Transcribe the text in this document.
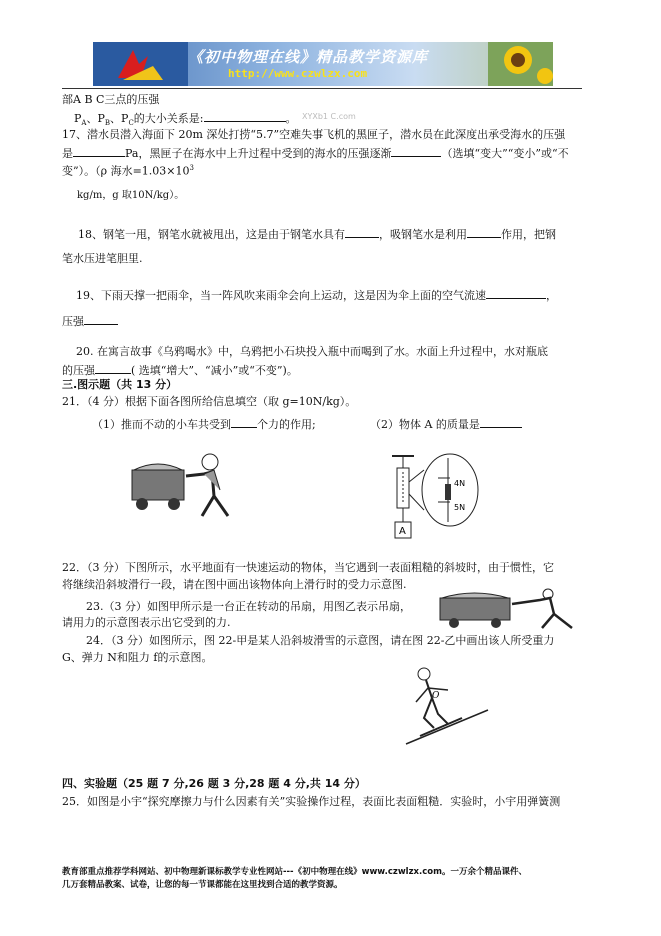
《初中物理在线》精品教学资源库
http://www.czwlzx.com
部A B C三点的压强
$P_A$、$P_B$、$P_C$的大小关系是:	。 XYXb1 C.com
17、潜水员潜入海面下 20m 深处打捞“5.7”空难失事飞机的黑匣子，潜水员在此深度出承受海水的压强
是	Pa，黑匣子在海水中上升过程中受到的海水的压强逐渐	（选填“变大”“变小”或“不
变”）。（ρ 海水$=1.03\times 10^3$
kg/m，g 取10N/kg）。
18、钢笔一甩，钢笔水就被甩出，这是由于钢笔水具有	，吸钢笔水是利用	作用，把钢
笔水压进笔胆里.
19、下雨天撑一把雨伞，当一阵风吹来雨伞会向上运动，这是因为伞上面的空气流速	，
压强
20. 在寓言故事《乌鸦喝水》中，乌鸦把小石块投入瓶中而喝到了水。水面上升过程中，水对瓶底
的压强	( 选填“增大”、“减小”或“不变”)。
三.图示题（共 13 分）
21．（4 分）根据下面各图所给信息填空（取 g=10N/kg）。
（1）推而不动的小车共受到 个力的作用;	（2）物体 A 的质量是
A
4N
5N
22．（3 分）下图所示，水平地面有一快速运动的物体，当它遇到一表面粗糙的斜坡时，由于惯性，它
将继续沿斜坡滑行一段，请在图中画出该物体向上滑行时的受力示意图.
23.（3 分）如图甲所示是一台正在转动的吊扇，用图乙表示吊扇，
请用力的示意图表示出它受到的力.
24．（3 分）如图所示，图 22-甲是某人沿斜坡滑雪的示意图，请在图 22-乙中画出该人所受重力
G、弹力 N和阻力 f的示意图。
O
四、实验题（25 题 7 分,26 题 3 分,28 题 4 分,共 14 分）
25．如图是小宇“探究摩擦力与什么因素有关”实验操作过程，表面比表面粗糙．实验时，小宇用弹簧测
教育部重点推荐学科网站、初中物理新课标教学专业性网站---《初中物理在线》www.czwlzx.com。一万余个精品课件、
几万套精品教案、试卷，让您的每一节课都能在这里找到合适的教学资源。
